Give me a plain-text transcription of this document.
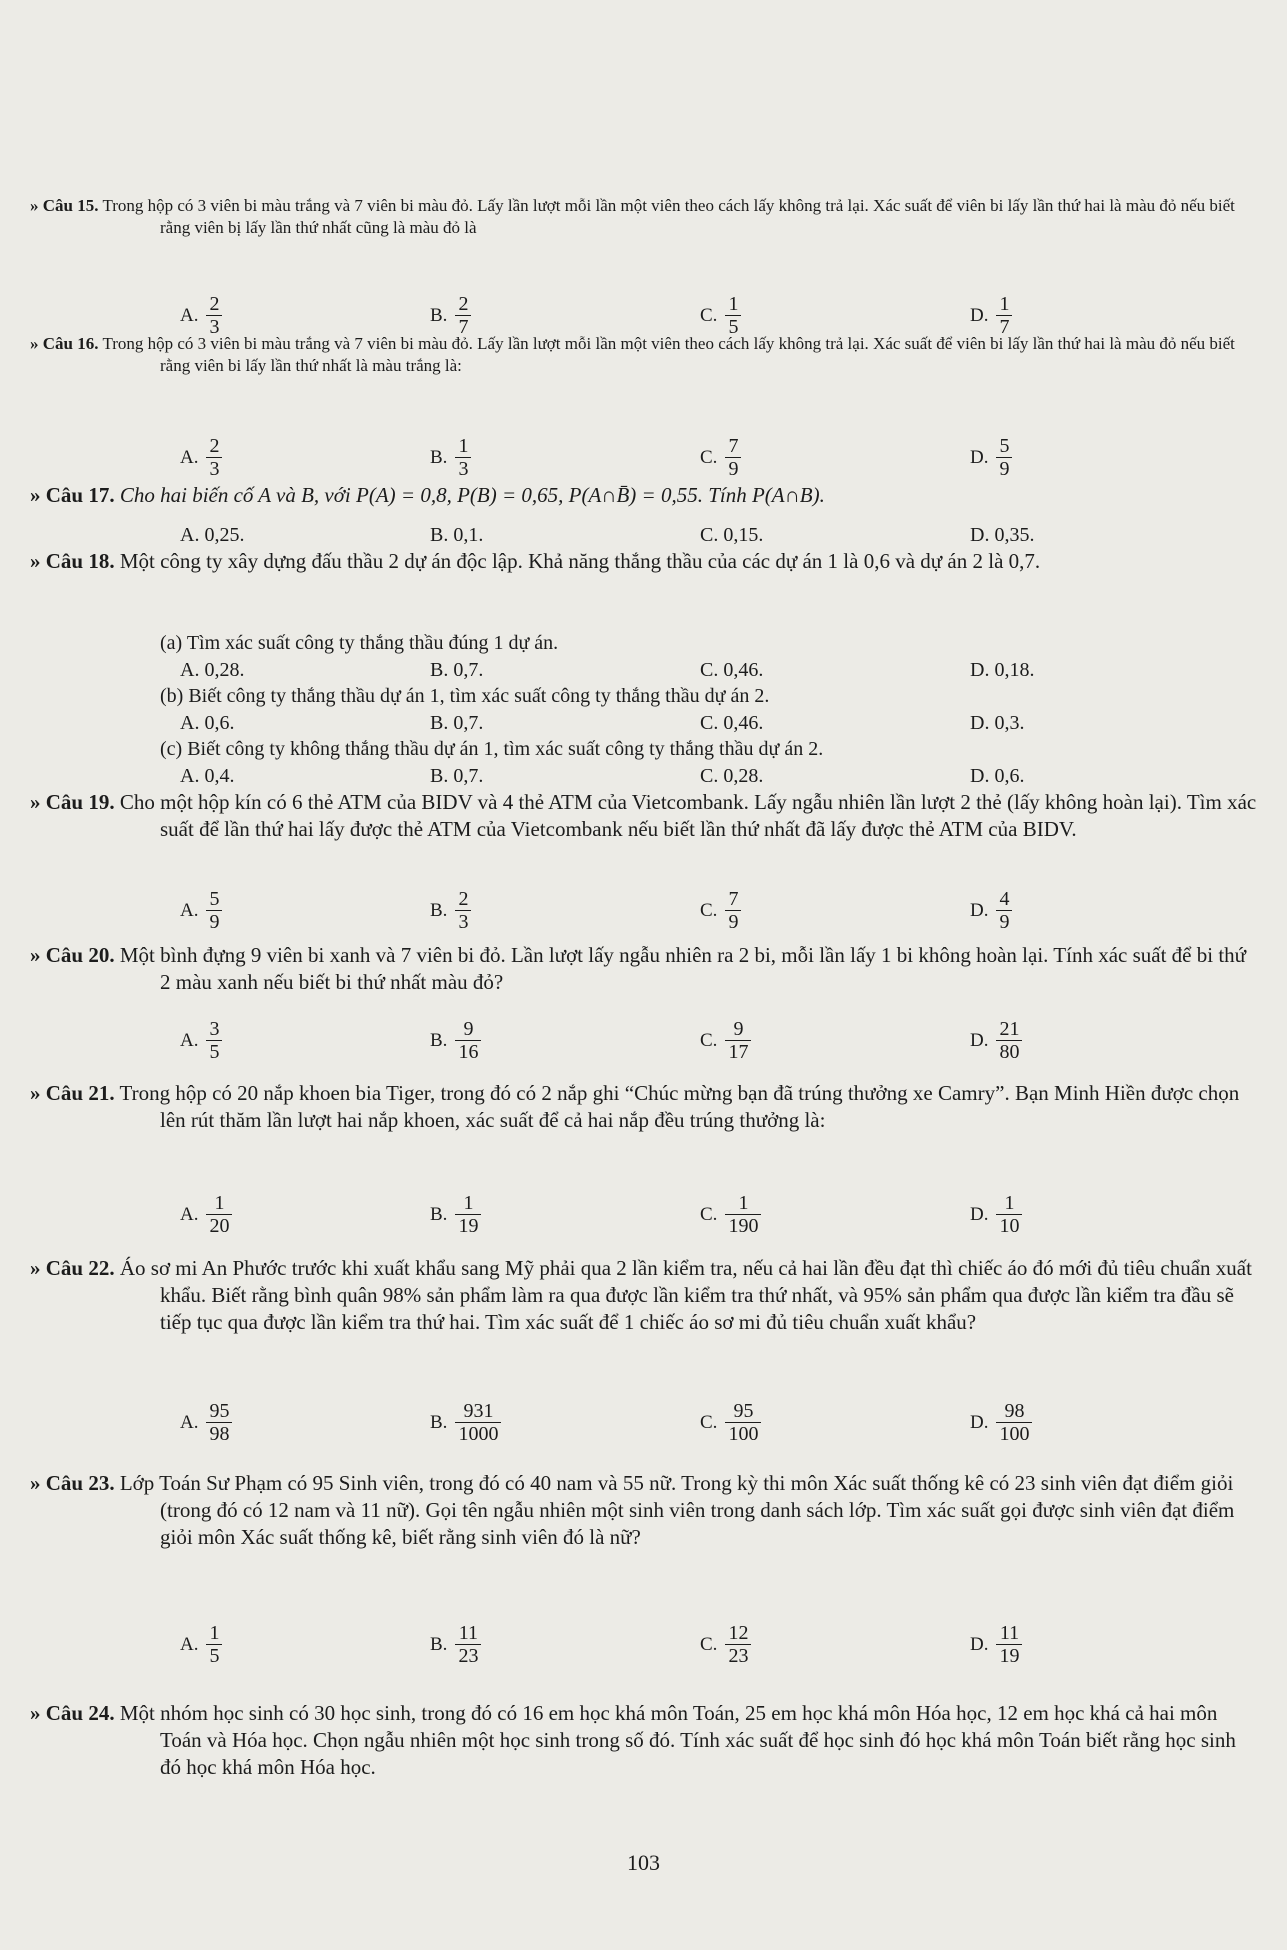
» Câu 15. Trong hộp có 3 viên bi màu trắng và 7 viên bi màu đỏ. Lấy lần lượt mỗi lần một viên theo cách lấy không trả lại. Xác suất để viên bi lấy lần thứ hai là màu đỏ nếu biết rằng viên bị lấy lần thứ nhất cũng là màu đỏ là
A. $\frac{2}{3}$	B. $\frac{2}{7}$	C. $\frac{1}{5}$	D. $\frac{1}{7}$
» Câu 16. Trong hộp có 3 viên bi màu trắng và 7 viên bi màu đỏ. Lấy lần lượt mỗi lần một viên theo cách lấy không trả lại. Xác suất để viên bi lấy lần thứ hai là màu đỏ nếu biết rằng viên bi lấy lần thứ nhất là màu trắng là:
A. $\frac{2}{3}$	B. $\frac{1}{3}$	C. $\frac{7}{9}$	D. $\frac{5}{9}$
» Câu 17. Cho hai biến cố A và B, với P(A) = 0,8, P(B) = 0,65, P(A∩B̄) = 0,55. Tính P(A∩B).
A. 0,25.	B. 0,1.	C. 0,15.	D. 0,35.
» Câu 18. Một công ty xây dựng đấu thầu 2 dự án độc lập. Khả năng thắng thầu của các dự án 1 là 0,6 và dự án 2 là 0,7.
(a) Tìm xác suất công ty thắng thầu đúng 1 dự án.
A. 0,28.	B. 0,7.	C. 0,46.	D. 0,18.
(b) Biết công ty thắng thầu dự án 1, tìm xác suất công ty thắng thầu dự án 2.
A. 0,6.	B. 0,7.	C. 0,46.	D. 0,3.
(c) Biết công ty không thắng thầu dự án 1, tìm xác suất công ty thắng thầu dự án 2.
A. 0,4.	B. 0,7.	C. 0,28.	D. 0,6.
» Câu 19. Cho một hộp kín có 6 thẻ ATM của BIDV và 4 thẻ ATM của Vietcombank. Lấy ngẫu nhiên lần lượt 2 thẻ (lấy không hoàn lại). Tìm xác suất để lần thứ hai lấy được thẻ ATM của Vietcombank nếu biết lần thứ nhất đã lấy được thẻ ATM của BIDV.
A. $\frac{5}{9}$	B. $\frac{2}{3}$	C. $\frac{7}{9}$	D. $\frac{4}{9}$
» Câu 20. Một bình đựng 9 viên bi xanh và 7 viên bi đỏ. Lần lượt lấy ngẫu nhiên ra 2 bi, mỗi lần lấy 1 bi không hoàn lại. Tính xác suất để bi thứ 2 màu xanh nếu biết bi thứ nhất màu đỏ?
A. $\frac{3}{5}$	B. $\frac{9}{16}$	C. $\frac{9}{17}$	D. $\frac{21}{80}$
» Câu 21. Trong hộp có 20 nắp khoen bia Tiger, trong đó có 2 nắp ghi “Chúc mừng bạn đã trúng thưởng xe Camry”. Bạn Minh Hiền được chọn lên rút thăm lần lượt hai nắp khoen, xác suất để cả hai nắp đều trúng thưởng là:
A. $\frac{1}{20}$	B. $\frac{1}{19}$	C. $\frac{1}{190}$	D. $\frac{1}{10}$
» Câu 22. Áo sơ mi An Phước trước khi xuất khẩu sang Mỹ phải qua 2 lần kiểm tra, nếu cả hai lần đều đạt thì chiếc áo đó mới đủ tiêu chuẩn xuất khẩu. Biết rằng bình quân 98% sản phẩm làm ra qua được lần kiểm tra thứ nhất, và 95% sản phẩm qua được lần kiểm tra đầu sẽ tiếp tục qua được lần kiểm tra thứ hai. Tìm xác suất để 1 chiếc áo sơ mi đủ tiêu chuẩn xuất khẩu?
A. $\frac{95}{98}$	B. $\frac{931}{1000}$	C. $\frac{95}{100}$	D. $\frac{98}{100}$
» Câu 23. Lớp Toán Sư Phạm có 95 Sinh viên, trong đó có 40 nam và 55 nữ. Trong kỳ thi môn Xác suất thống kê có 23 sinh viên đạt điểm giỏi (trong đó có 12 nam và 11 nữ). Gọi tên ngẫu nhiên một sinh viên trong danh sách lớp. Tìm xác suất gọi được sinh viên đạt điểm giỏi môn Xác suất thống kê, biết rằng sinh viên đó là nữ?
A. $\frac{1}{5}$	B. $\frac{11}{23}$	C. $\frac{12}{23}$	D. $\frac{11}{19}$
» Câu 24. Một nhóm học sinh có 30 học sinh, trong đó có 16 em học khá môn Toán, 25 em học khá môn Hóa học, 12 em học khá cả hai môn Toán và Hóa học. Chọn ngẫu nhiên một học sinh trong số đó. Tính xác suất để học sinh đó học khá môn Toán biết rằng học sinh đó học khá môn Hóa học.
103
